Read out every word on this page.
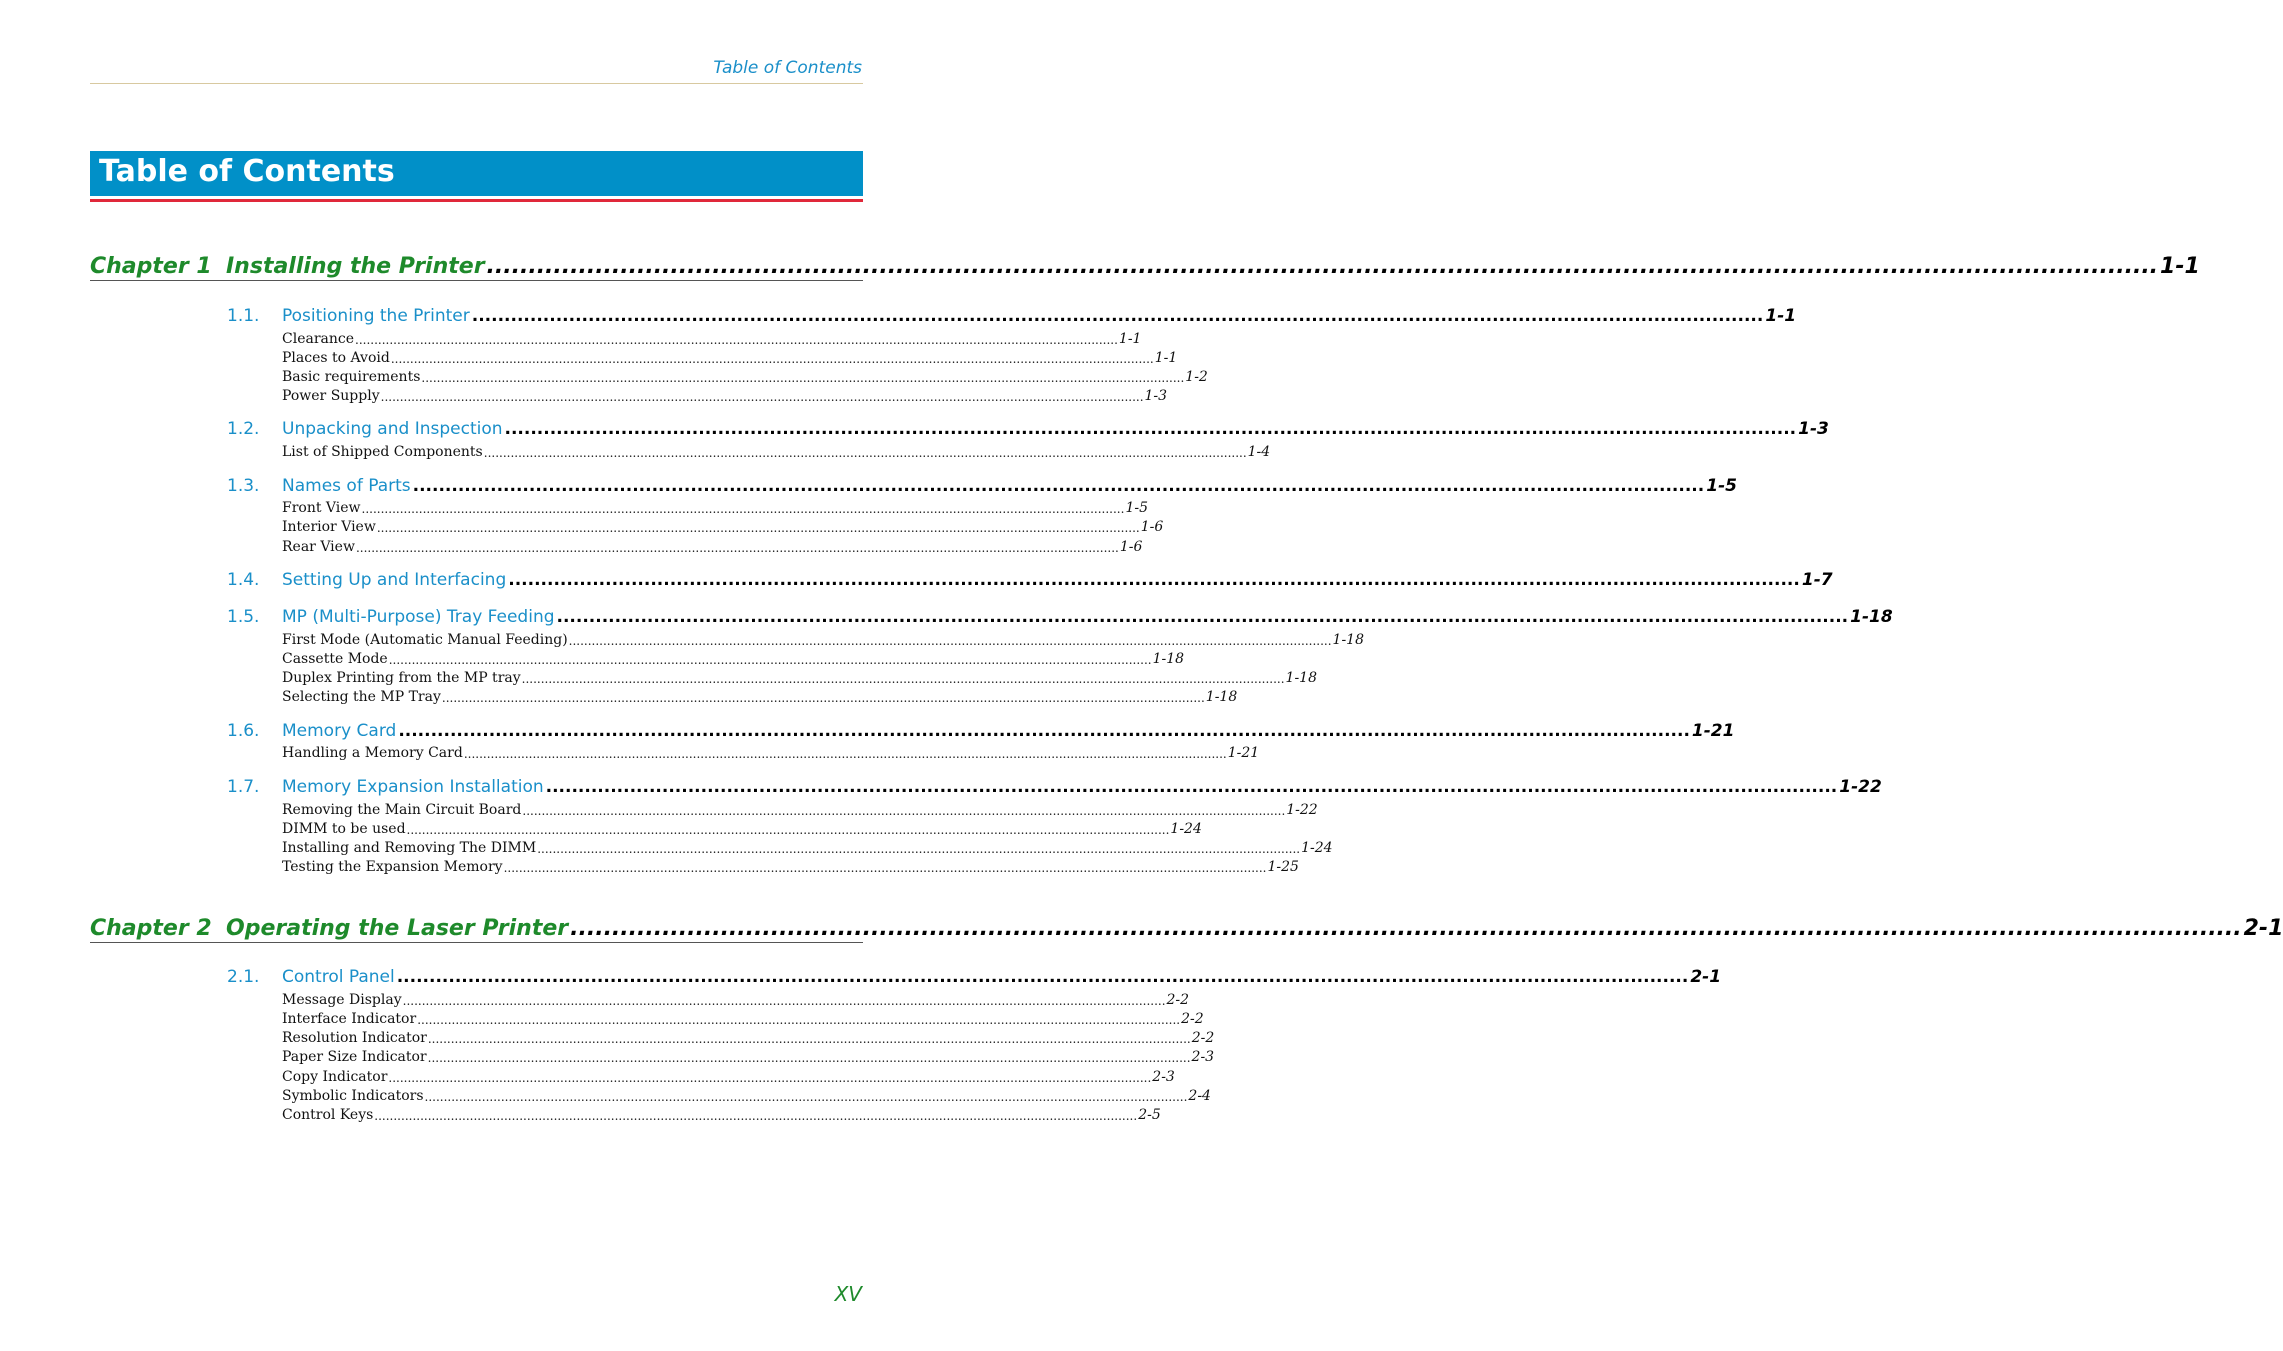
Table of Contents
Table of Contents
Chapter 1 Installing the Printer ........................................................................................................................................................................................................ 1-1
1.1.	Positioning the Printer ........................................................................................................................................................................................................ 1-1
Clearance ........................................................................................................................................................................................................ 1-1
Places to Avoid ........................................................................................................................................................................................................ 1-1
Basic requirements ........................................................................................................................................................................................................ 1-2
Power Supply ........................................................................................................................................................................................................ 1-3
1.2.	Unpacking and Inspection ........................................................................................................................................................................................................ 1-3
List of Shipped Components ........................................................................................................................................................................................................ 1-4
1.3.	Names of Parts ........................................................................................................................................................................................................ 1-5
Front View ........................................................................................................................................................................................................ 1-5
Interior View ........................................................................................................................................................................................................ 1-6
Rear View ........................................................................................................................................................................................................ 1-6
1.4.	Setting Up and Interfacing ........................................................................................................................................................................................................ 1-7
1.5.	MP (Multi-Purpose) Tray Feeding ........................................................................................................................................................................................................ 1-18
First Mode (Automatic Manual Feeding) ........................................................................................................................................................................................................ 1-18
Cassette Mode ........................................................................................................................................................................................................ 1-18
Duplex Printing from the MP tray ........................................................................................................................................................................................................ 1-18
Selecting the MP Tray ........................................................................................................................................................................................................ 1-18
1.6.	Memory Card ........................................................................................................................................................................................................ 1-21
Handling a Memory Card ........................................................................................................................................................................................................ 1-21
1.7.	Memory Expansion Installation ........................................................................................................................................................................................................ 1-22
Removing the Main Circuit Board ........................................................................................................................................................................................................ 1-22
DIMM to be used ........................................................................................................................................................................................................ 1-24
Installing and Removing The DIMM ........................................................................................................................................................................................................ 1-24
Testing the Expansion Memory ........................................................................................................................................................................................................ 1-25
Chapter 2 Operating the Laser Printer ........................................................................................................................................................................................................ 2-1
2.1.	Control Panel ........................................................................................................................................................................................................ 2-1
Message Display ........................................................................................................................................................................................................ 2-2
Interface Indicator ........................................................................................................................................................................................................ 2-2
Resolution Indicator ........................................................................................................................................................................................................ 2-2
Paper Size Indicator ........................................................................................................................................................................................................ 2-3
Copy Indicator ........................................................................................................................................................................................................ 2-3
Symbolic Indicators ........................................................................................................................................................................................................ 2-4
Control Keys ........................................................................................................................................................................................................ 2-5
XV
